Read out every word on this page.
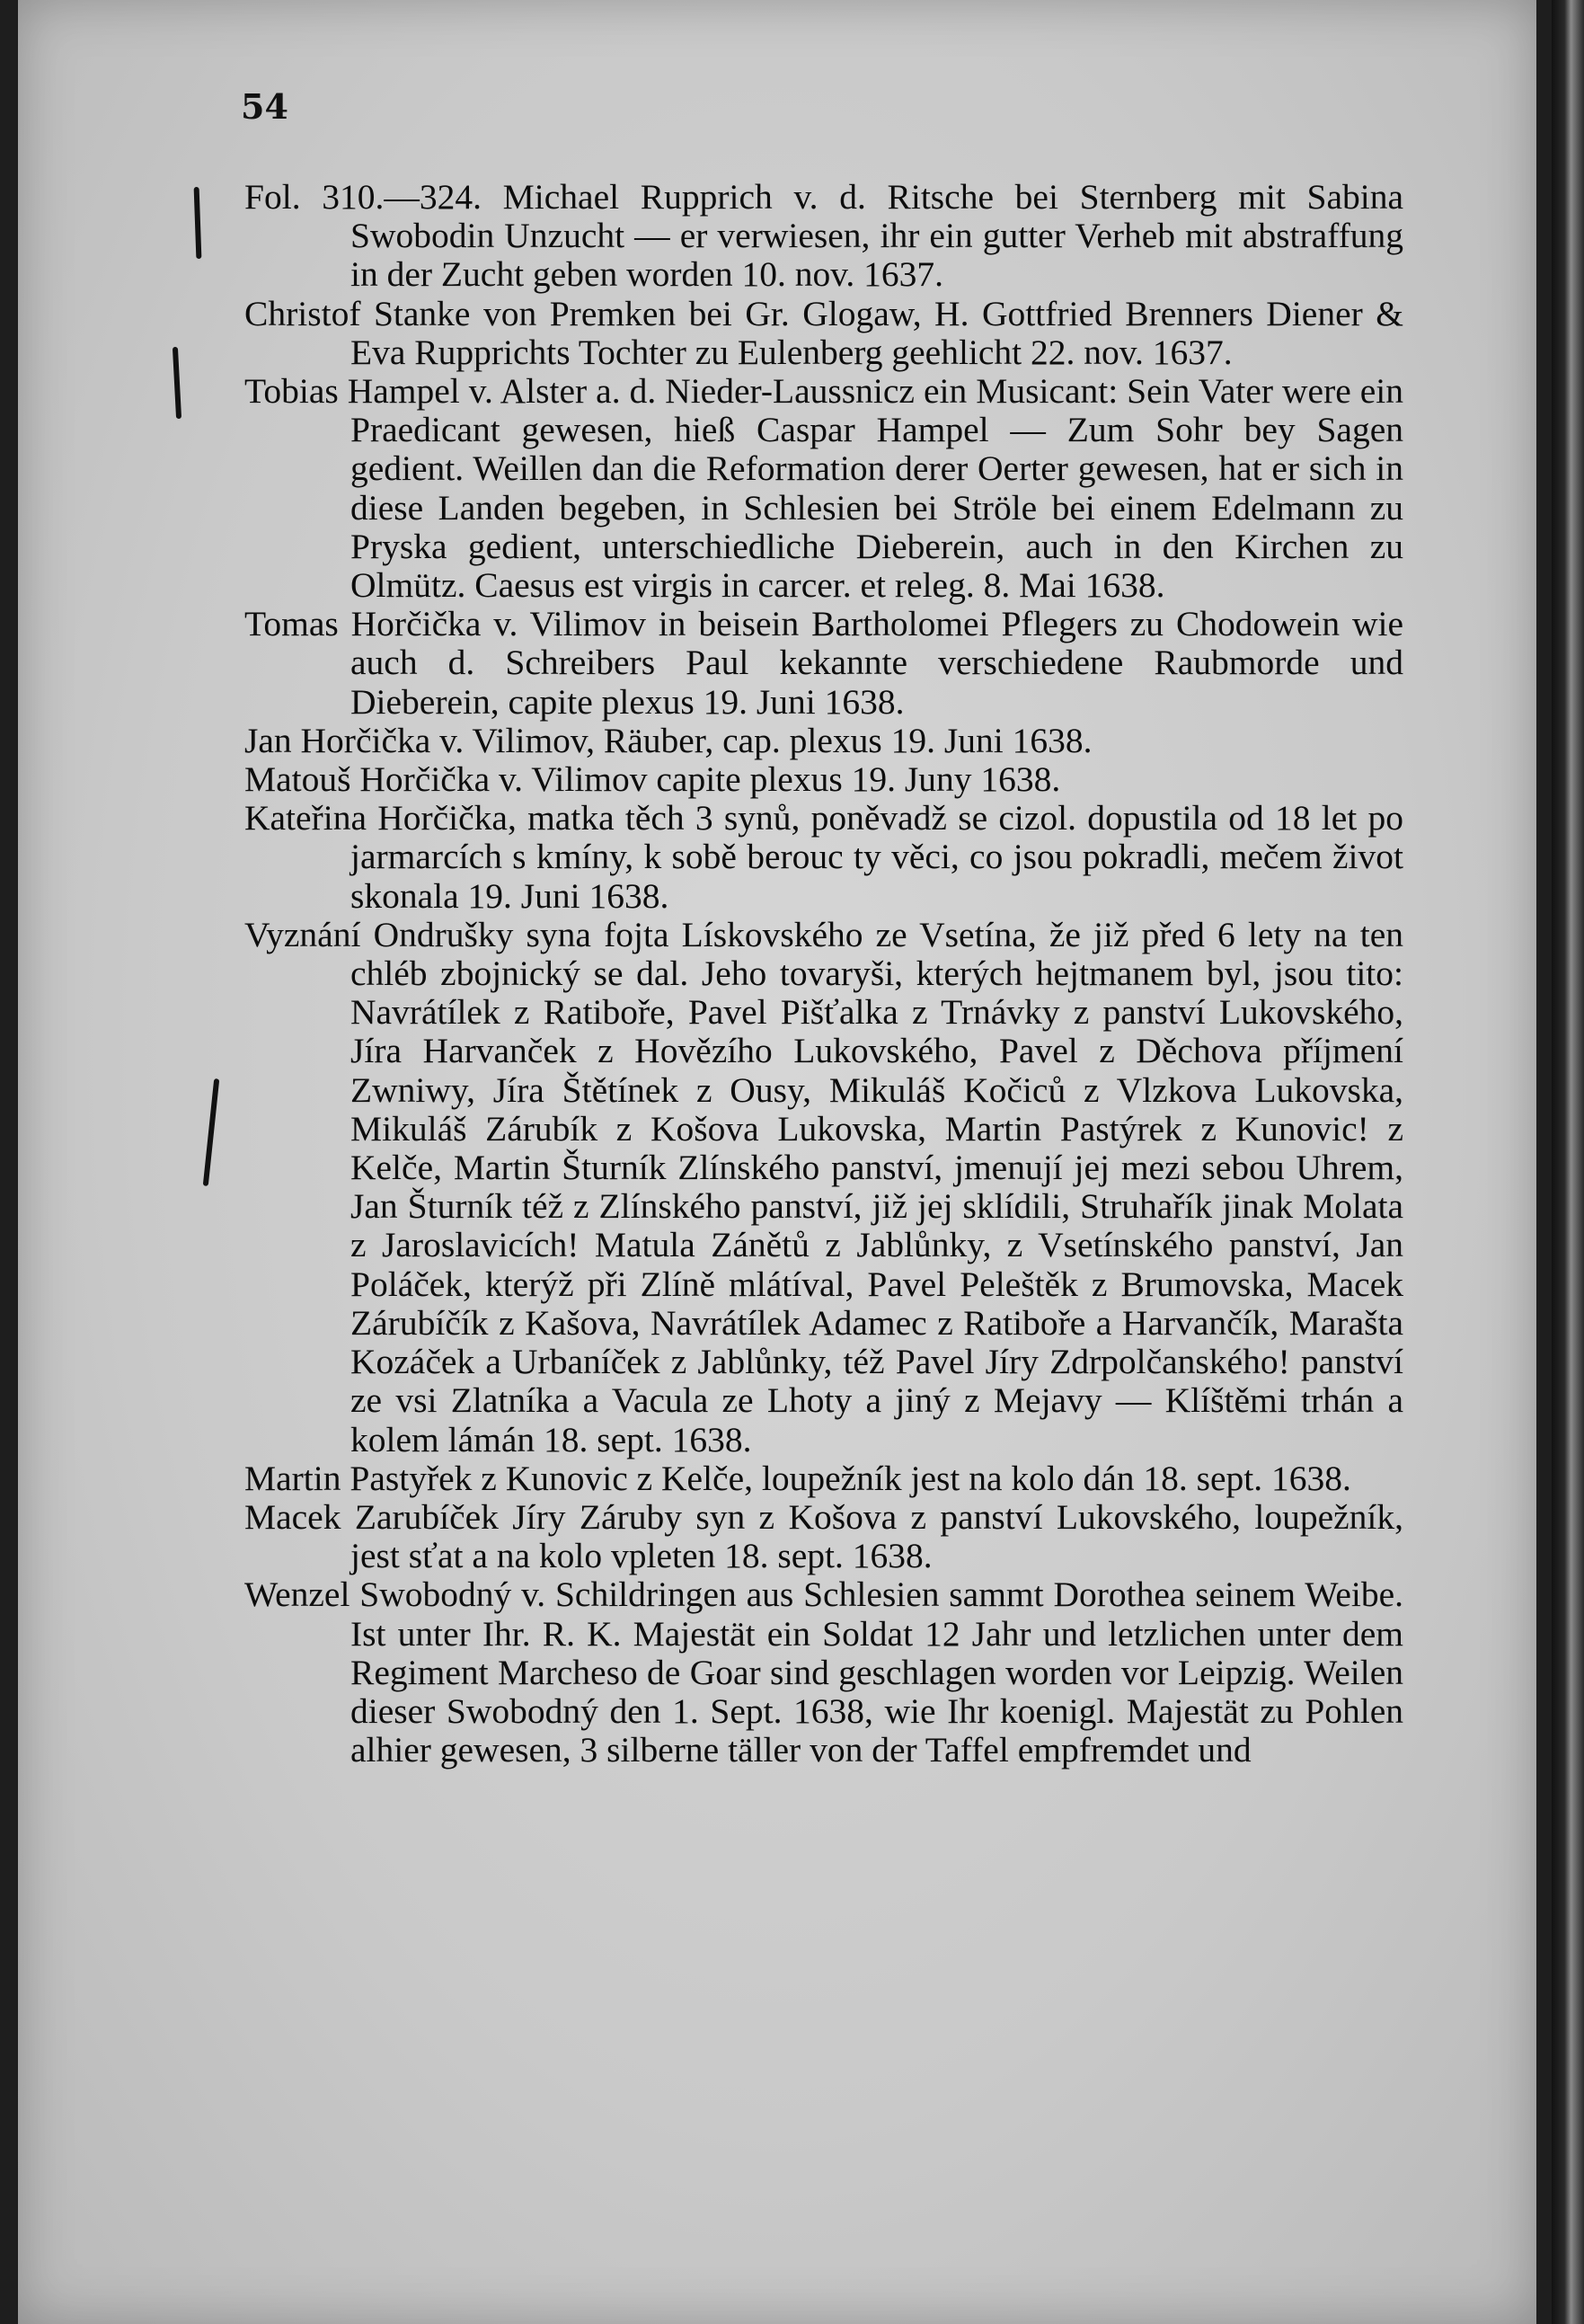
54

Fol. 310.—324. Michael Rupprich v. d. Ritsche bei Sternberg mit Sabina Swobodin Unzucht — er verwiesen, ihr ein gutter Verheb mit abstraffung in der Zucht geben worden 10. nov. 1637.

Christof Stanke von Premken bei Gr. Glogaw, H. Gottfried Brenners Diener & Eva Rupprichts Tochter zu Eulenberg geehlicht 22. nov. 1637.

Tobias Hampel v. Alster a. d. Nieder-Laussnicz ein Musicant: Sein Vater were ein Praedicant gewesen, hieß Caspar Hampel — Zum Sohr bey Sagen gedient. Weillen dan die Reformation derer Oerter gewesen, hat er sich in diese Landen begeben, in Schlesien bei Ströle bei einem Edelmann zu Pryska gedient, unterschiedliche Dieberein, auch in den Kirchen zu Olmütz. Caesus est virgis in carcer. et releg. 8. Mai 1638.

Tomas Horčička v. Vilimov in beisein Bartholomei Pflegers zu Chodowein wie auch d. Schreibers Paul kekannte verschiedene Raubmorde und Dieberein, capite plexus 19. Juni 1638.

Jan Horčička v. Vilimov, Räuber, cap. plexus 19. Juni 1638.

Matouš Horčička v. Vilimov capite plexus 19. Juny 1638.

Kateřina Horčička, matka těch 3 synů, poněvadž se cizol. dopustila od 18 let po jarmarcích s kmíny, k sobě berouc ty věci, co jsou pokradli, mečem život skonala 19. Juni 1638.

Vyznání Ondrušky syna fojta Lískovského ze Vsetína, že již před 6 lety na ten chléb zbojnický se dal. Jeho tovaryši, kterých hejtmanem byl, jsou tito: Navrátílek z Ratiboře, Pavel Pišťalka z Trnávky z panství Lukovského, Jíra Harvanček z Hovězího Lukovského, Pavel z Děchova příjmení Zwniwy, Jíra Štětínek z Ousy, Mikuláš Kočiců z Vlzkova Lukovska, Mikuláš Zárubík z Košova Lukovska, Martin Pastýrek z Kunovic! z Kelče, Martin Šturník Zlínského panství, jmenují jej mezi sebou Uhrem, Jan Šturník též z Zlínského panství, již jej sklídili, Struhařík jinak Molata z Jaroslavicích! Matula Zánětů z Jablůnky, z Vsetínského panství, Jan Poláček, kterýž při Zlíně mlátíval, Pavel Peleštěk z Brumovska, Macek Zárubíčík z Kašova, Navrátílek Adamec z Ratiboře a Harvančík, Marašta Kozáček a Urbaníček z Jablůnky, též Pavel Jíry Zdrpolčanského! panství ze vsi Zlatníka a Vacula ze Lhoty a jiný z Mejavy — Klíštěmi trhán a kolem lámán 18. sept. 1638.

Martin Pastyřek z Kunovic z Kelče, loupežník jest na kolo dán 18. sept. 1638.

Macek Zarubíček Jíry Záruby syn z Košova z panství Lukovského, loupežník, jest sťat a na kolo vpleten 18. sept. 1638.

Wenzel Swobodný v. Schildringen aus Schlesien sammt Dorothea seinem Weibe. Ist unter Ihr. R. K. Majestät ein Soldat 12 Jahr und letzlichen unter dem Regiment Marcheso de Goar sind geschlagen worden vor Leipzig. Weilen dieser Swobodný den 1. Sept. 1638, wie Ihr koenigl. Majestät zu Pohlen alhier gewesen, 3 silberne täller von der Taffel empfremdet und
